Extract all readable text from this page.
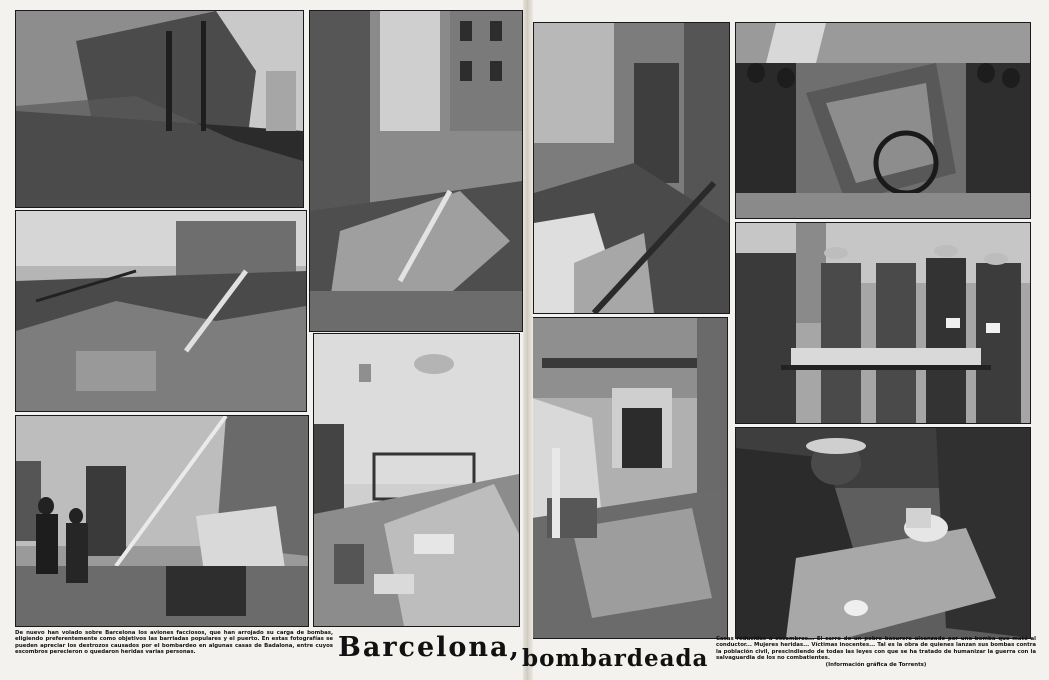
De nuevo han volado sobre Barcelona los aviones facciosos, que han arrojado su carga de bombas, eligiendo preferentemente como objetivos las barriadas populares y el puerto. En estas fotografías se pueden apreciar los destrozos causados por el bombardeo en algunas casas de Badalona, entre cuyos escombros perecieron o quedaron heridas varias personas.	Barcelona, bombardeada
Casas reducidas a escombros... El carro de un pobre basurero alcanzado por una bomba que mató al conductor... Mujeres heridas... Víctimas inocentes... Tal es la obra de quienes lanzan sus bombas contra la población civil, prescindiendo de todas las leyes con que se ha tratado de humanizar la guerra con la salvaguardia de los no combatientes.
(Información gráfica de Torrents)
